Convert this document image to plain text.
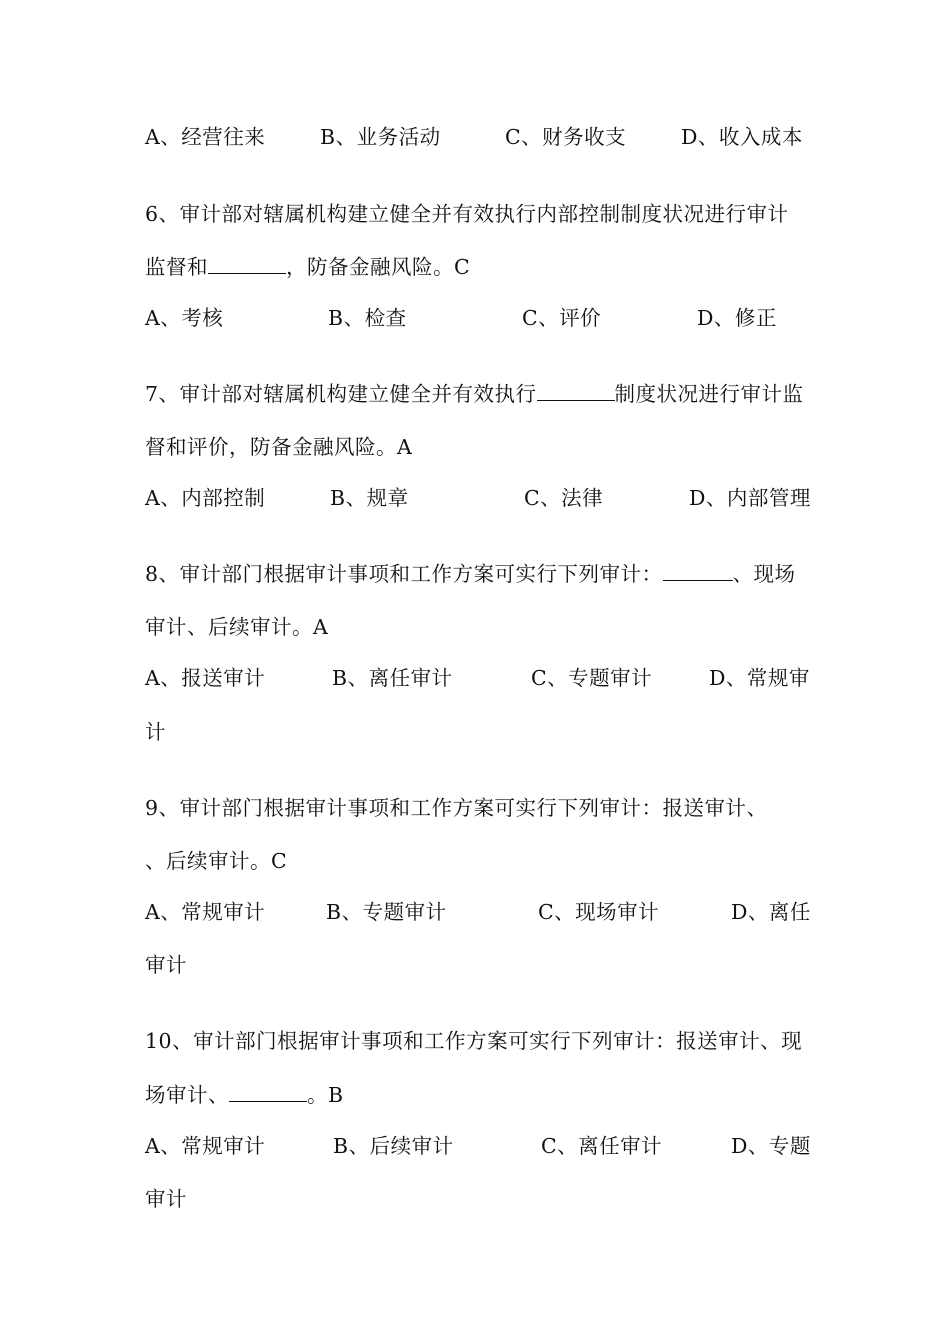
A、经营往来	B、业务活动	C、财务收支	D、收入成本
6、审计部对辖属机构建立健全并有效执行内部控制制度状况进行审计
监督和	，防备金融风险。C
A、考核	B、检查	C、评价	D、修正
7、审计部对辖属机构建立健全并有效执行	制度状况进行审计监
督和评价，防备金融风险。A
A、内部控制	B、规章	C、法律	D、内部管理
8、审计部门根据审计事项和工作方案可实行下列审计：	、现场
审计、后续审计。A
A、报送审计	B、离任审计	C、专题审计	D、常规审
计
9、审计部门根据审计事项和工作方案可实行下列审计：报送审计、
、后续审计。C
A、常规审计	B、专题审计	C、现场审计	D、离任
审计
10、审计部门根据审计事项和工作方案可实行下列审计：报送审计、现
场审计、	。B
A、常规审计	B、后续审计	C、离任审计	D、专题
审计
